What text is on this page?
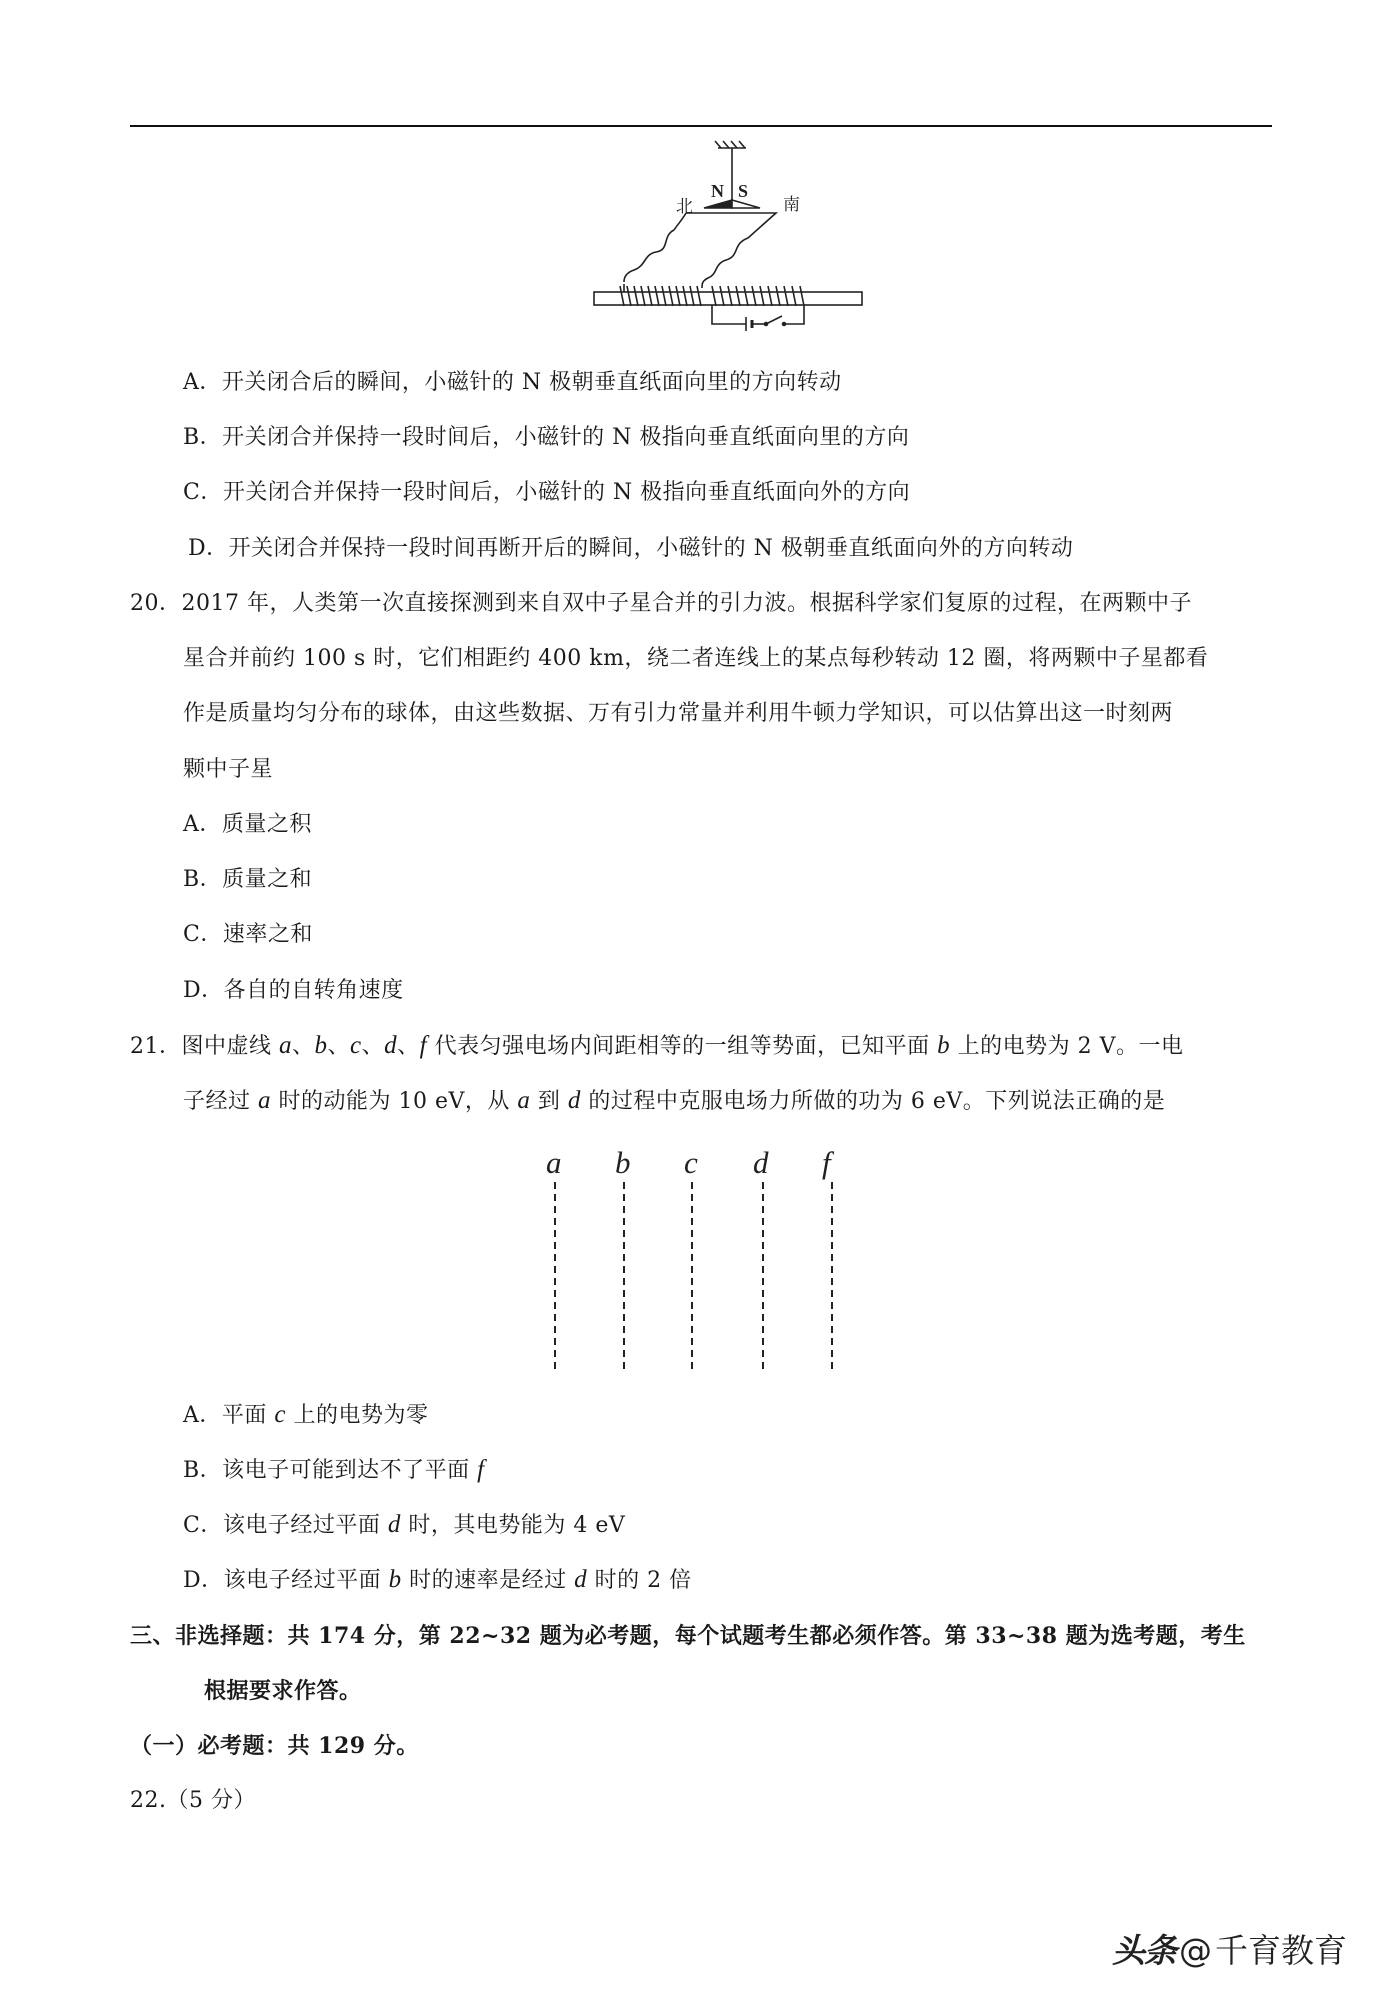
北	南
N S
A．开关闭合后的瞬间，小磁针的 N 极朝垂直纸面向里的方向转动
B．开关闭合并保持一段时间后，小磁针的 N 极指向垂直纸面向里的方向
C．开关闭合并保持一段时间后，小磁针的 N 极指向垂直纸面向外的方向
D．开关闭合并保持一段时间再断开后的瞬间，小磁针的 N 极朝垂直纸面向外的方向转动
20．2017 年，人类第一次直接探测到来自双中子星合并的引力波。根据科学家们复原的过程，在两颗中子
星合并前约 100 s 时，它们相距约 400 km，绕二者连线上的某点每秒转动 12 圈，将两颗中子星都看
作是质量均匀分布的球体，由这些数据、万有引力常量并利用牛顿力学知识，可以估算出这一时刻两
颗中子星
A．质量之积
B．质量之和
C．速率之和
D．各自的自转角速度
21．图中虚线 a、b、c、d、f 代表匀强电场内间距相等的一组等势面，已知平面 b 上的电势为 2 V。一电
子经过 a 时的动能为 10 eV，从 a 到 d 的过程中克服电场力所做的功为 6 eV。下列说法正确的是
a b c d f
A．平面 c 上的电势为零
B．该电子可能到达不了平面 f
C．该电子经过平面 d 时，其电势能为 4 eV
D．该电子经过平面 b 时的速率是经过 d 时的 2 倍
三、非选择题：共 174 分，第 22~32 题为必考题，每个试题考生都必须作答。第 33~38 题为选考题，考生
根据要求作答。
（一）必考题：共 129 分。
22.（5 分）
头条@千育教育
